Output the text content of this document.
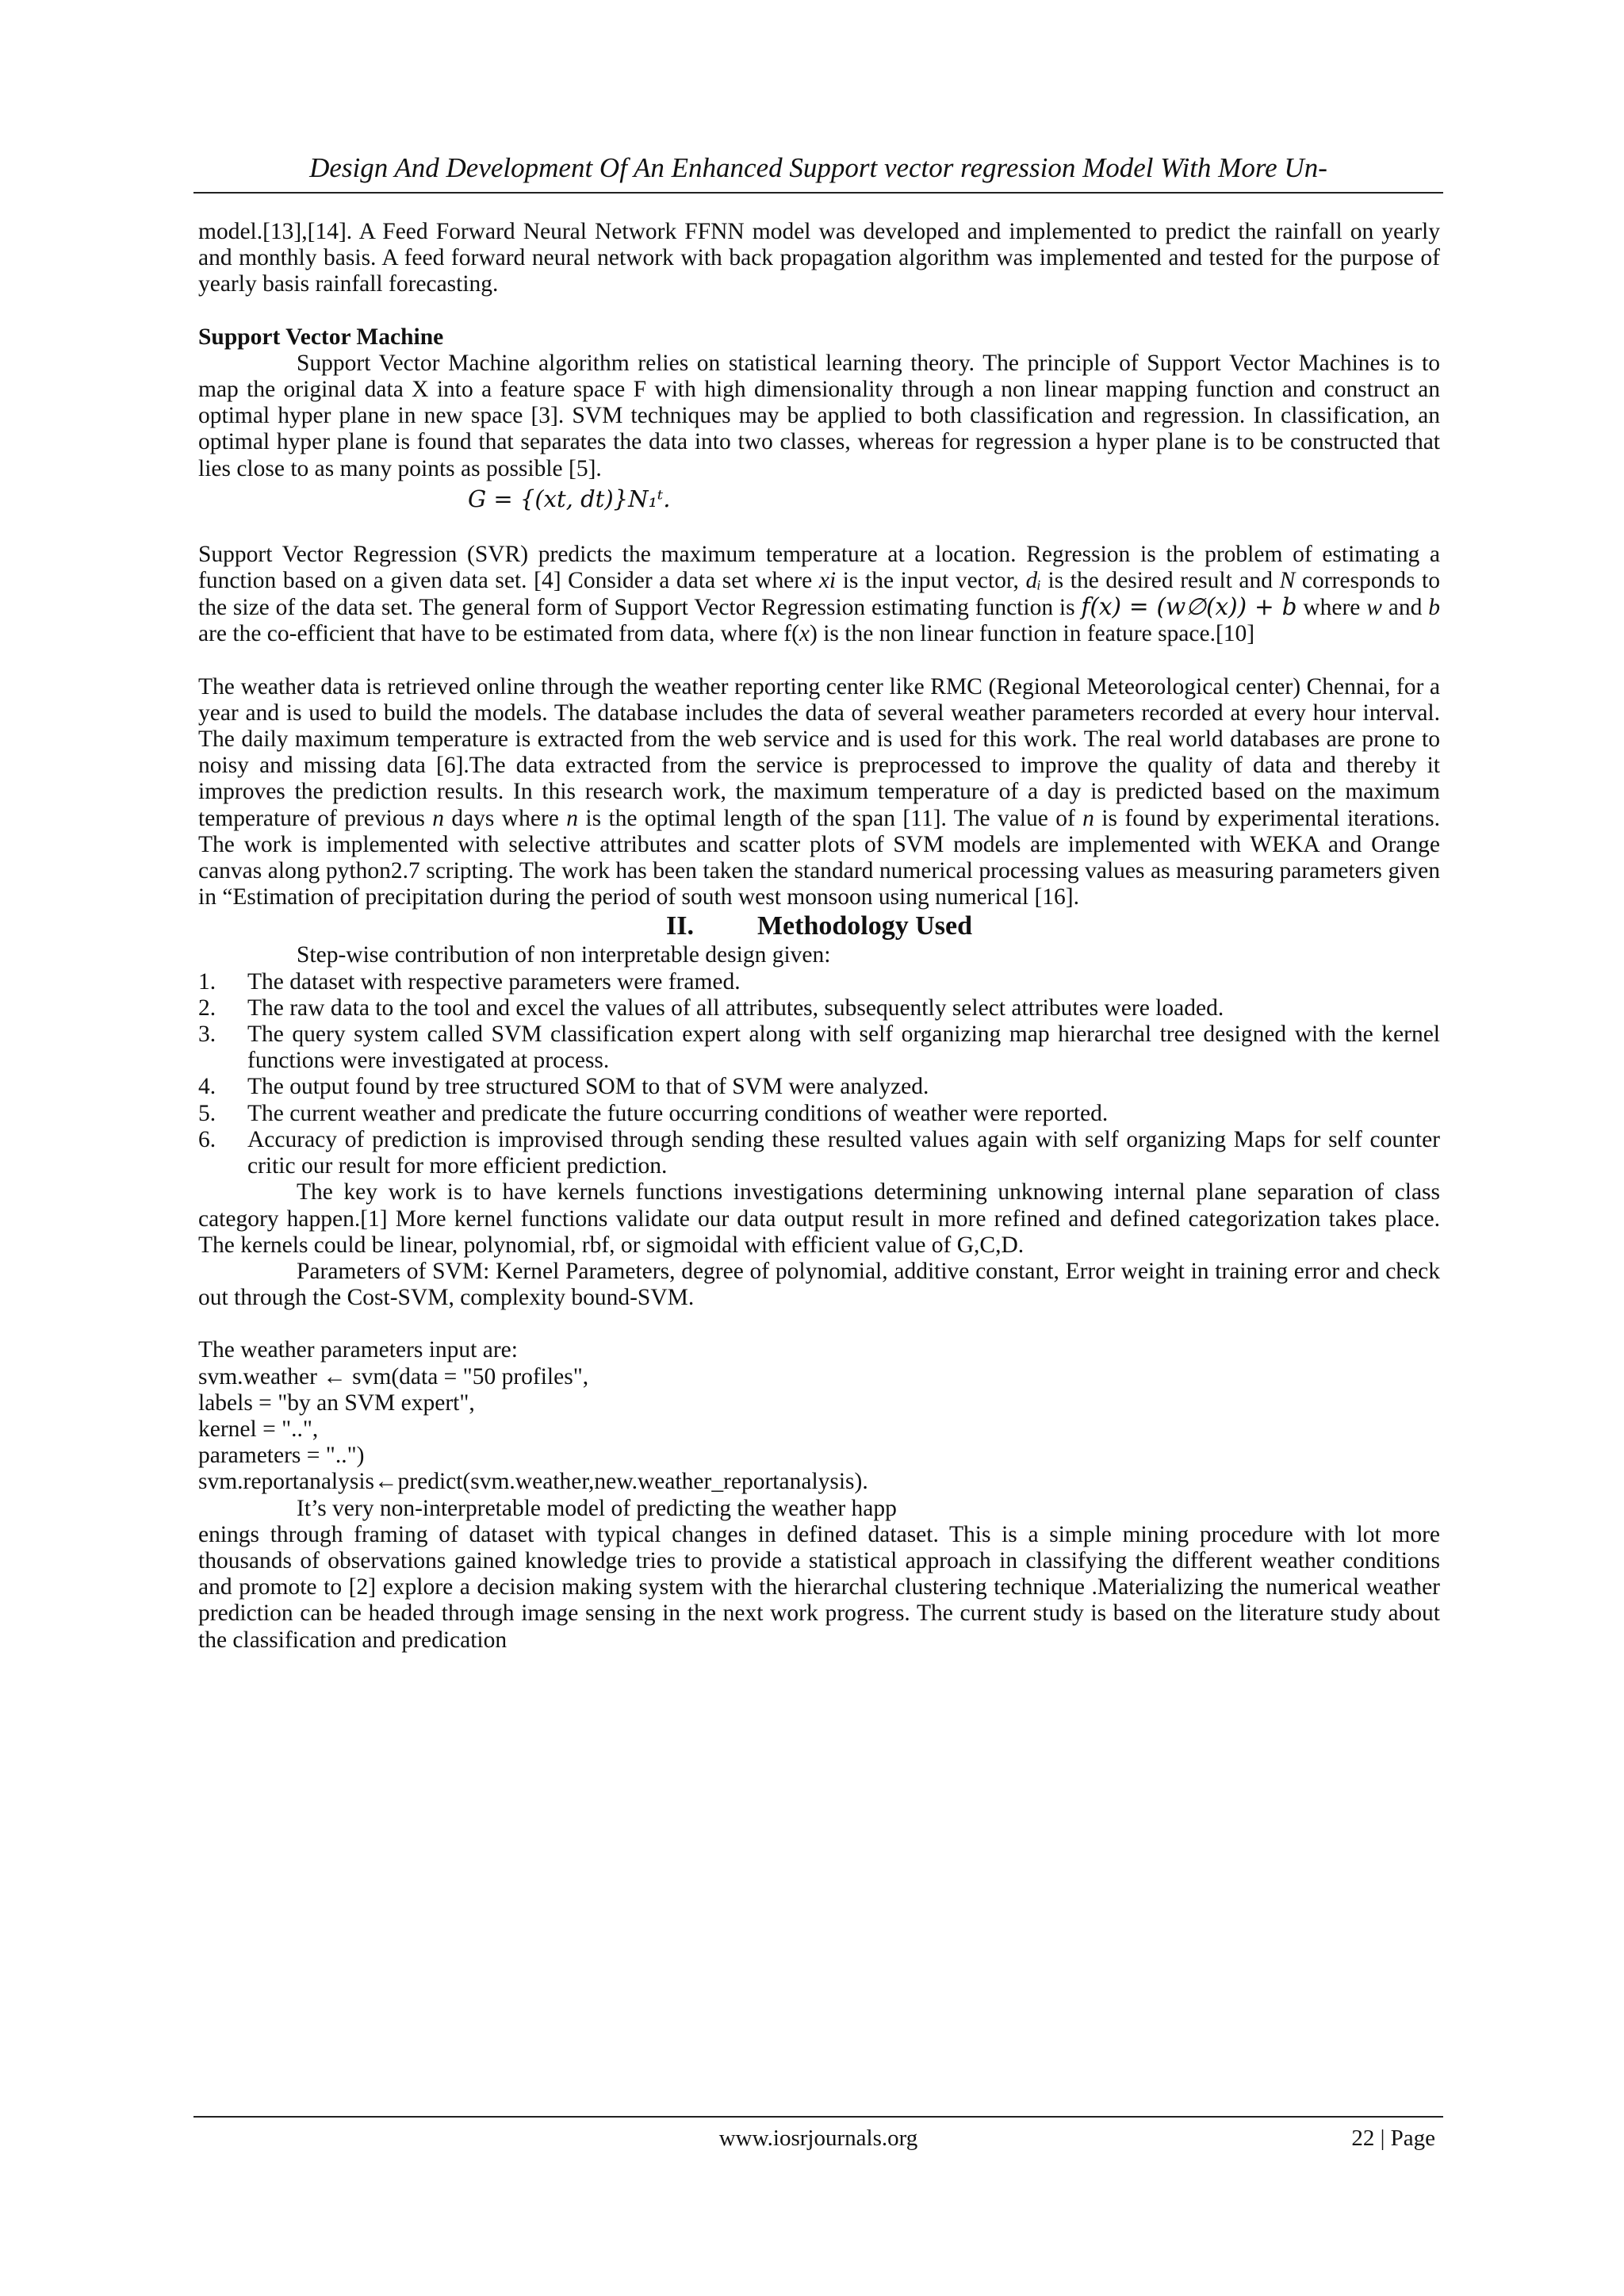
Design And Development Of An Enhanced Support vector regression Model With More Un-

model.[13],[14]. A Feed Forward Neural Network FFNN model was developed and implemented to predict the rainfall on yearly and monthly basis. A feed forward neural network with back propagation algorithm was implemented and tested for the purpose of yearly basis rainfall forecasting.

Support Vector Machine

Support Vector Machine algorithm relies on statistical learning theory. The principle of Support Vector Machines is to map the original data X into a feature space F with high dimensionality through a non linear mapping function and construct an optimal hyper plane in new space [3]. SVM techniques may be applied to both classification and regression. In classification, an optimal hyper plane is found that separates the data into two classes, whereas for regression a hyper plane is to be constructed that lies close to as many points as possible [5].

G = {(xt, dt)}N₁ᵗ.

Support Vector Regression (SVR) predicts the maximum temperature at a location. Regression is the problem of estimating a function based on a given data set. [4] Consider a data set where xi is the input vector, dᵢ is the desired result and N corresponds to the size of the data set. The general form of Support Vector Regression estimating function is f(x) = (w∅(x)) + b where w and b are the co-efficient that have to be estimated from data, where f(x) is the non linear function in feature space.[10]

The weather data is retrieved online through the weather reporting center like RMC (Regional Meteorological center) Chennai, for a year and is used to build the models. The database includes the data of several weather parameters recorded at every hour interval. The daily maximum temperature is extracted from the web service and is used for this work. The real world databases are prone to noisy and missing data [6].The data extracted from the service is preprocessed to improve the quality of data and thereby it improves the prediction results. In this research work, the maximum temperature of a day is predicted based on the maximum temperature of previous n days where n is the optimal length of the span [11]. The value of n is found by experimental iterations. The work is implemented with selective attributes and scatter plots of SVM models are implemented with WEKA and Orange canvas along python2.7 scripting. The work has been taken the standard numerical processing values as measuring parameters given in “Estimation of precipitation during the period of south west monsoon using numerical [16].

II. Methodology Used

Step-wise contribution of non interpretable design given:

1. The dataset with respective parameters were framed.
2. The raw data to the tool and excel the values of all attributes, subsequently select attributes were loaded.
3. The query system called SVM classification expert along with self organizing map hierarchal tree designed with the kernel functions were investigated at process.
4. The output found by tree structured SOM to that of SVM were analyzed.
5. The current weather and predicate the future occurring conditions of weather were reported.
6. Accuracy of prediction is improvised through sending these resulted values again with self organizing Maps for self counter critic our result for more efficient prediction.

The key work is to have kernels functions investigations determining unknowing internal plane separation of class category happen.[1] More kernel functions validate our data output result in more refined and defined categorization takes place. The kernels could be linear, polynomial, rbf, or sigmoidal with efficient value of G,C,D.

Parameters of SVM: Kernel Parameters, degree of polynomial, additive constant, Error weight in training error and check out through the Cost-SVM, complexity bound-SVM.

The weather parameters input are:

svm.weather ← svm(data = "50 profiles",

labels = "by an SVM expert",

kernel = "..",

parameters = "..")

svm.reportanalysis←predict(svm.weather,new.weather_reportanalysis).

It’s very non-interpretable model of predicting the weather happ

enings through framing of dataset with typical changes in defined dataset. This is a simple mining procedure with lot more thousands of observations gained knowledge tries to provide a statistical approach in classifying the different weather conditions and promote to [2] explore a decision making system with the hierarchal clustering technique .Materializing the numerical weather prediction can be headed through image sensing in the next work progress. The current study is based on the literature study about the classification and predication

www.iosrjournals.org	22 | Page
